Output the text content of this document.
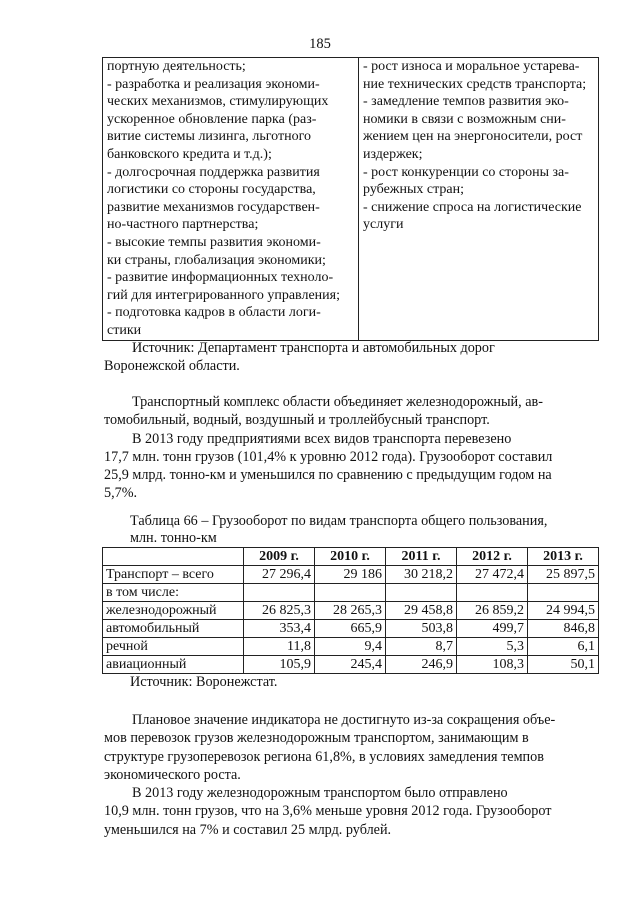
185
портную деятельность;
- разработка и реализация экономи-
ческих механизмов, стимулирующих
ускоренное обновление парка (раз-
витие системы лизинга, льготного
банковского кредита и т.д.);
- долгосрочная поддержка развития
логистики со стороны государства,
развитие механизмов государствен-
но-частного партнерства;
- высокие темпы развития экономи-
ки страны, глобализация экономики;
- развитие информационных техноло-
гий для интегрированного управления;
- подготовка кадров в области логи-
стики

- рост износа и моральное устарева-
ние технических средств транспорта;
- замедление темпов развития эко-
номики в связи с возможным сни-
жением цен на энергоносители, рост
издержек;
- рост конкуренции со стороны за-
рубежных стран;
- снижение спроса на логистические
услуги
Источник: Департамент транспорта и автомобильных дорог
Воронежской области.
Транспортный комплекс области объединяет железнодорожный, ав-
томобильный, водный, воздушный и троллейбусный транспорт.
В 2013 году предприятиями всех видов транспорта перевезено
17,7 млн. тонн грузов (101,4% к уровню 2012 года). Грузооборот составил
25,9 млрд. тонно-км и уменьшился по сравнению с предыдущим годом на
5,7%.
Таблица 66 – Грузооборот по видам транспорта общего пользования,
млн. тонно-км
	2009 г.	2010 г.	2011 г.	2012 г.	2013 г.
Транспорт – всего	27 296,4	29 186	30 218,2	27 472,4	25 897,5
в том числе:					
железнодорожный	26 825,3	28 265,3	29 458,8	26 859,2	24 994,5
автомобильный	353,4	665,9	503,8	499,7	846,8
речной	11,8	9,4	8,7	5,3	6,1
авиационный	105,9	245,4	246,9	108,3	50,1
Источник: Воронежстат.
Плановое значение индикатора не достигнуто из-за сокращения объе-
мов перевозок грузов железнодорожным транспортом, занимающим в
структуре грузоперевозок региона 61,8%, в условиях замедления темпов
экономического роста.
В 2013 году железнодорожным транспортом было отправлено
10,9 млн. тонн грузов, что на 3,6% меньше уровня 2012 года. Грузооборот
уменьшился на 7% и составил 25 млрд. рублей.
